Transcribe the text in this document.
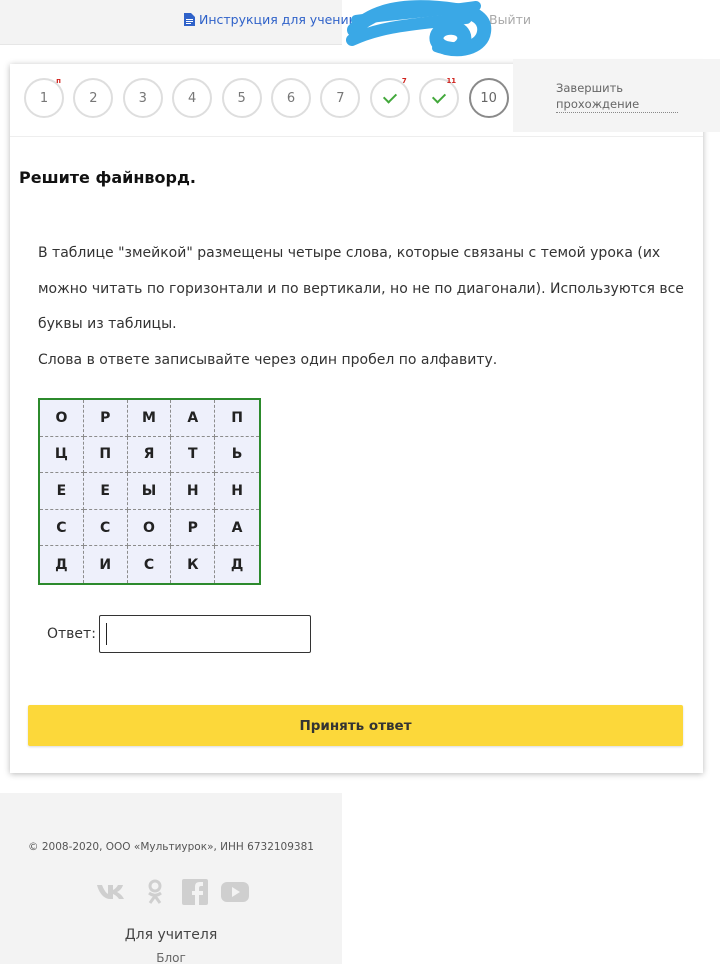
Инструкция для ученика	Выйти
Завершить прохождение
1
п
2	3	4	5	6	7
7	11
10
Решите файнворд.
В таблице "змейкой" размещены четыре слова, которые связаны с темой урока (их
можно читать по горизонтали и по вертикали, но не по диагонали). Используются все
буквы из таблицы.
Слова в ответе записывайте через один пробел по алфавиту.
О	Р	М	А	П
Ц	П	Я	Т	Ь
Е	Е	Ы	Н	Н
С	С	О	Р	А
Д	И	С	К	Д
Ответ:
Принять ответ
© 2008-2020, ООО «Мультиурок», ИНН 6732109381
Для учителя
Блог
